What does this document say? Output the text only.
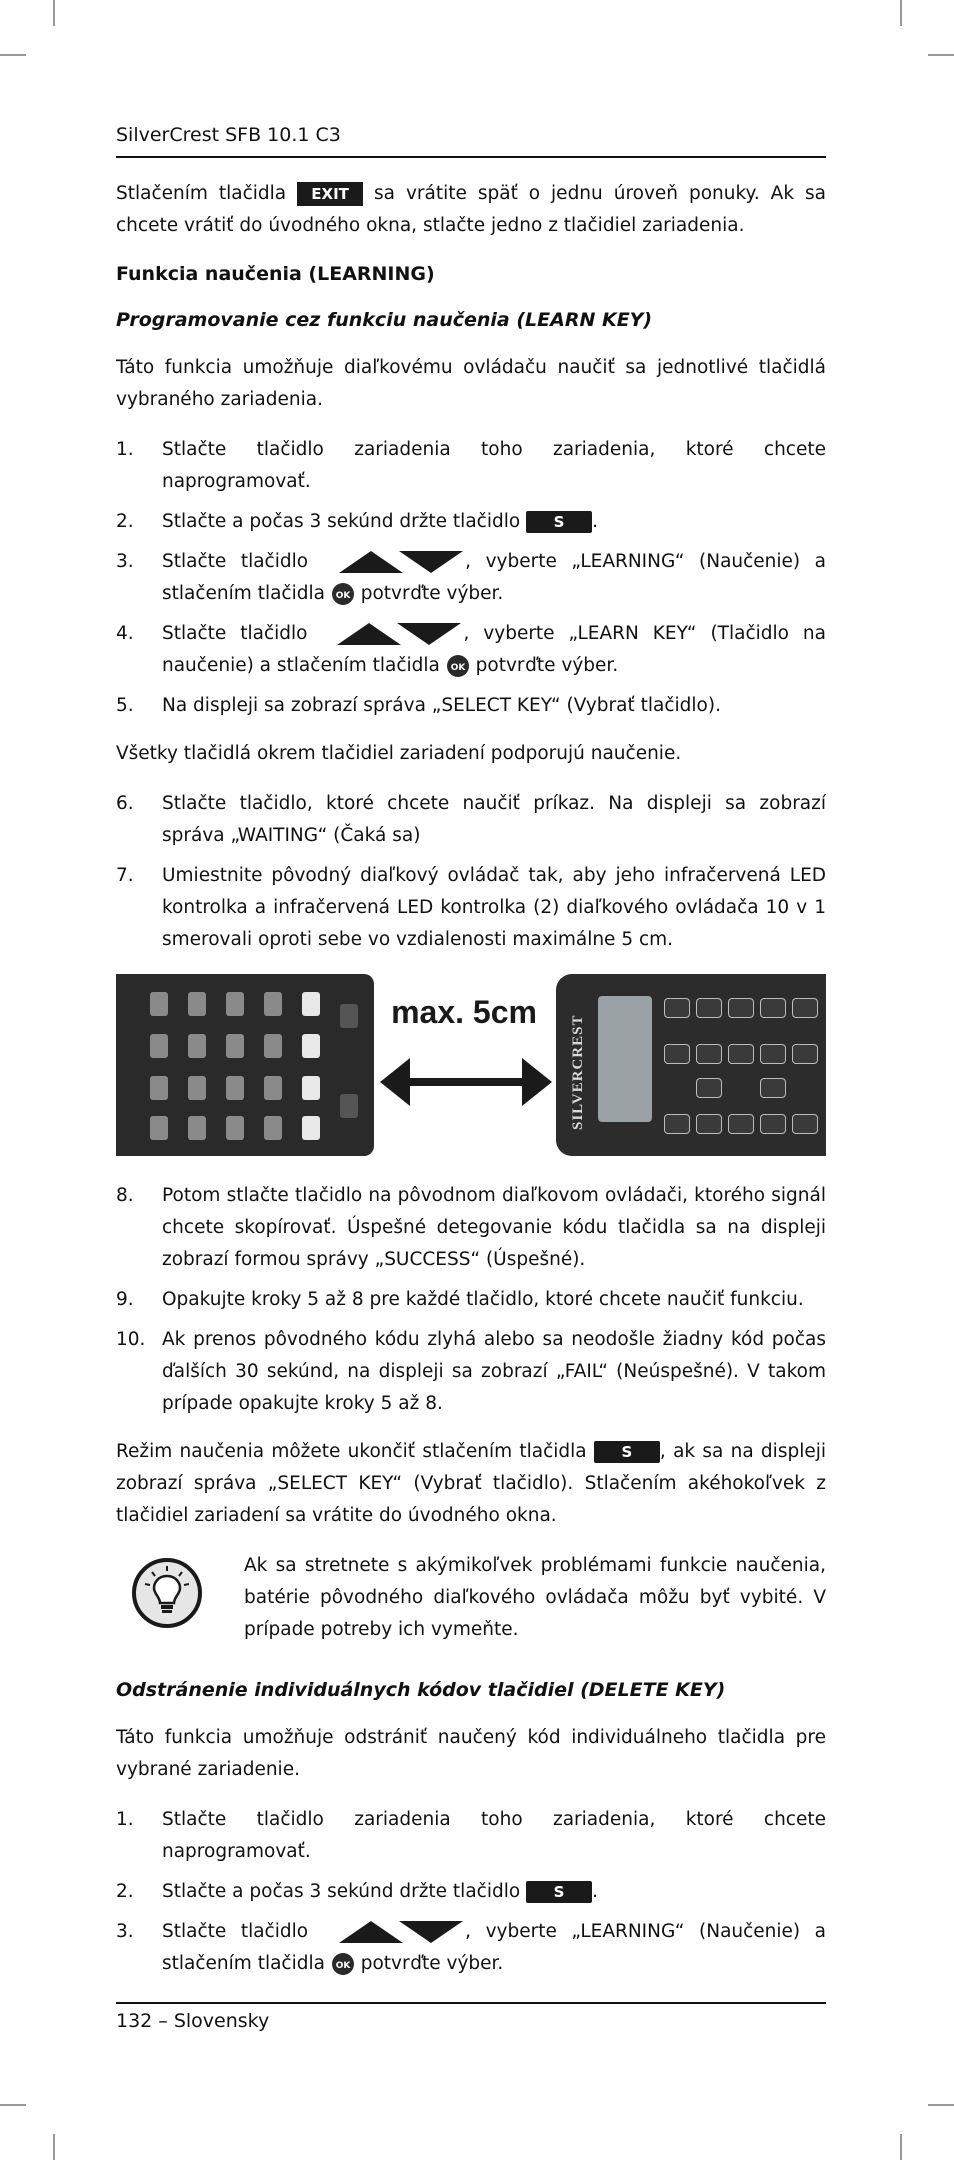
SilverCrest SFB 10.1 C3

Stlačením tlačidla EXIT sa vrátite späť o jednu úroveň ponuky. Ak sa chcete vrátiť do úvodného okna, stlačte jedno z tlačidiel zariadenia.

Funkcia naučenia (LEARNING)
Programovanie cez funkciu naučenia (LEARN KEY)

Táto funkcia umožňuje diaľkovému ovládaču naučiť sa jednotlivé tlačidlá vybraného zariadenia.

1. Stlačte tlačidlo zariadenia toho zariadenia, ktoré chcete naprogramovať.
2. Stlačte a počas 3 sekúnd držte tlačidlo S .
3. Stlačte tlačidlo	, vyberte „LEARNING“ (Naučenie) a stlačením tlačidla OK potvrďte výber.
4. Stlačte tlačidlo	, vyberte „LEARN KEY“ (Tlačidlo na naučenie) a stlačením tlačidla OK potvrďte výber.
5. Na displeji sa zobrazí správa „SELECT KEY“ (Vybrať tlačidlo).

Všetky tlačidlá okrem tlačidiel zariadení podporujú naučenie.

6. Stlačte tlačidlo, ktoré chcete naučiť príkaz. Na displeji sa zobrazí správa „WAITING“ (Čaká sa)
7. Umiestnite pôvodný diaľkový ovládač tak, aby jeho infračervená LED kontrolka a infračervená LED kontrolka (2) diaľkového ovládača 10 v 1 smerovali oproti sebe vo vzdialenosti maximálne 5 cm.
max. 5cm
SILVERCREST
8. Potom stlačte tlačidlo na pôvodnom diaľkovom ovládači, ktorého signál chcete skopírovať. Úspešné detegovanie kódu tlačidla sa na displeji zobrazí formou správy „SUCCESS“ (Úspešné).
9. Opakujte kroky 5 až 8 pre každé tlačidlo, ktoré chcete naučiť funkciu.
10. Ak prenos pôvodného kódu zlyhá alebo sa neodošle žiadny kód počas ďalších 30 sekúnd, na displeji sa zobrazí „FAIL“ (Neúspešné). V takom prípade opakujte kroky 5 až 8.

Režim naučenia môžete ukončiť stlačením tlačidla S , ak sa na displeji zobrazí správa „SELECT KEY“ (Vybrať tlačidlo). Stlačením akéhokoľvek z tlačidiel zariadení sa vrátite do úvodného okna.

Ak sa stretnete s akýmikoľvek problémami funkcie naučenia, batérie pôvodného diaľkového ovládača môžu byť vybité. V prípade potreby ich vymeňte.
Odstránenie individuálnych kódov tlačidiel (DELETE KEY)

Táto funkcia umožňuje odstrániť naučený kód individuálneho tlačidla pre vybrané zariadenie.

1. Stlačte tlačidlo zariadenia toho zariadenia, ktoré chcete naprogramovať.
2. Stlačte a počas 3 sekúnd držte tlačidlo S .
3. Stlačte tlačidlo	, vyberte „LEARNING“ (Naučenie) a stlačením tlačidla OK potvrďte výber.
132 – Slovensky
